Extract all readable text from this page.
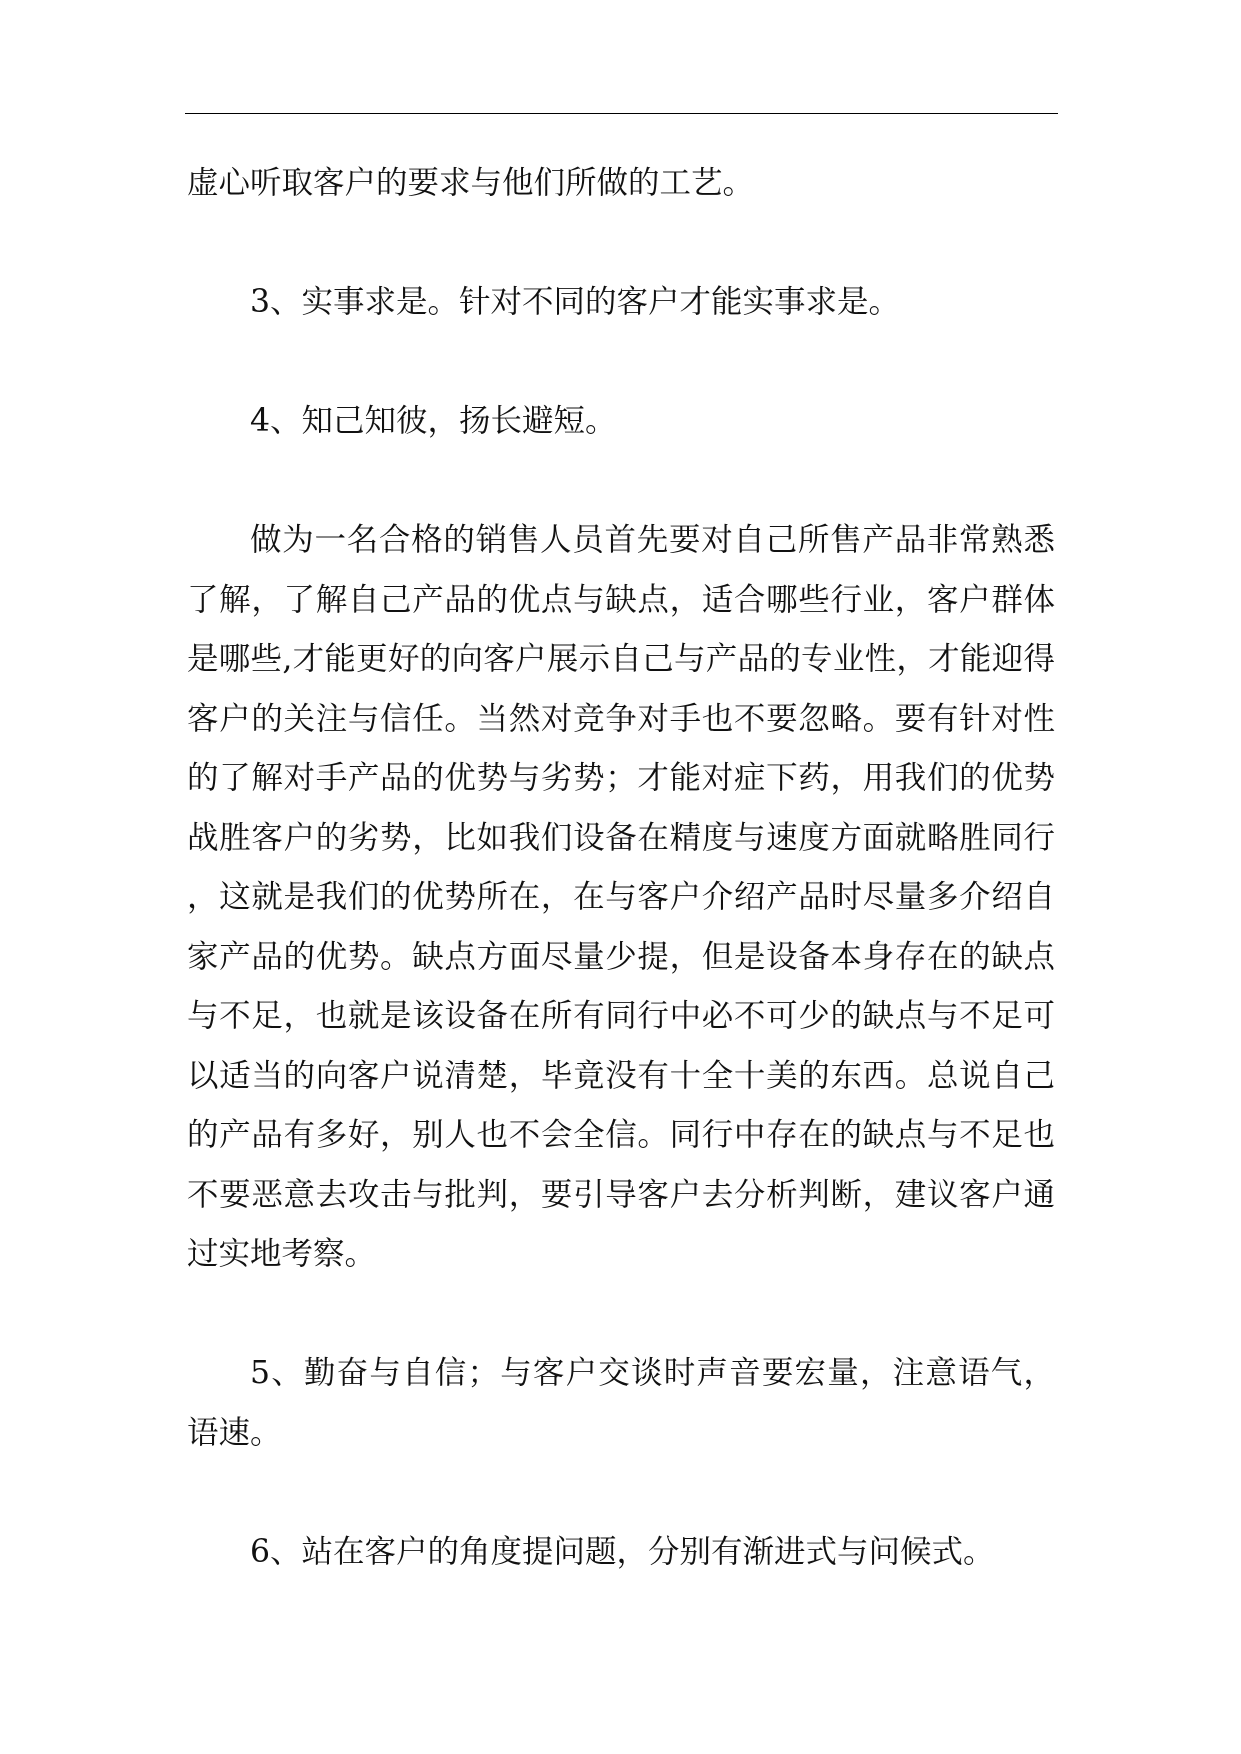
虚心听取客户的要求与他们所做的工艺。

3、实事求是。针对不同的客户才能实事求是。

4、知己知彼，扬长避短。

做为一名合格的销售人员首先要对自己所售产品非常熟悉了解，了解自己产品的优点与缺点，适合哪些行业，客户群体是哪些,才能更好的向客户展示自己与产品的专业性，才能迎得客户的关注与信任。当然对竞争对手也不要忽略。要有针对性的了解对手产品的优势与劣势；才能对症下药，用我们的优势战胜客户的劣势，比如我们设备在精度与速度方面就略胜同行，这就是我们的优势所在，在与客户介绍产品时尽量多介绍自家产品的优势。缺点方面尽量少提，但是设备本身存在的缺点与不足，也就是该设备在所有同行中必不可少的缺点与不足可以适当的向客户说清楚，毕竟没有十全十美的东西。总说自己的产品有多好，别人也不会全信。同行中存在的缺点与不足也不要恶意去攻击与批判，要引导客户去分析判断，建议客户通过实地考察。

5、勤奋与自信；与客户交谈时声音要宏量，注意语气，语速。

6、站在客户的角度提问题，分别有渐进式与问候式。
